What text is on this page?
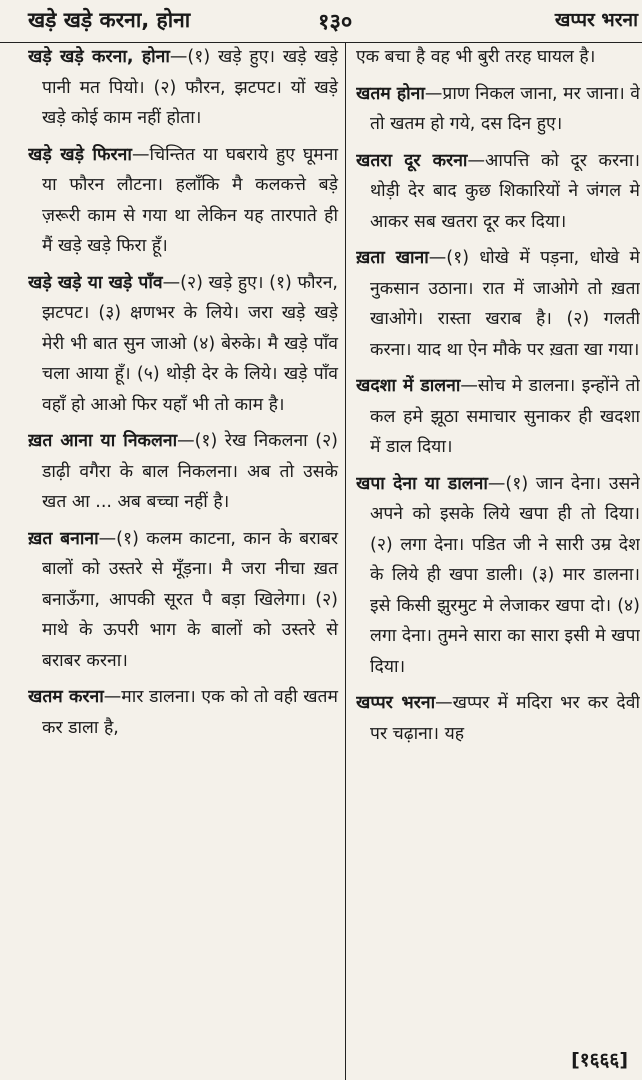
खड़े खड़े करना, होना	१३०	खप्पर भरना

खड़े खड़े करना, होना—(१) खड़े हुए। खड़े खड़े पानी मत पियो। (२) फौरन, झटपट। यों खड़े खड़े कोई काम नहीं होता।

खड़े खड़े फिरना—चिन्तित या घबराये हुए घूमना या फौरन लौटना। हलाँकि मै कलकत्ते बड़े ज़रूरी काम से गया था लेकिन यह तारपाते ही मैं खड़े खड़े फिरा हूँ।

खड़े खड़े या खड़े पाँव—(२) खड़े हुए। (१) फौरन, झटपट। (३) क्षणभर के लिये। जरा खड़े खड़े मेरी भी बात सुन जाओ (४) बेरुके। मै खड़े पाँव चला आया हूँ। (५) थोड़ी देर के लिये। खड़े पाँव वहाँ हो आओ फिर यहाँ भी तो काम है।

ख़त आना या निकलना—(१) रेख निकलना (२) डाढ़ी वगैरा के बाल निकलना। अब तो उसके खत आ ... अब बच्चा नहीं है।

ख़त बनाना—(१) कलम काटना, कान के बराबर बालों को उस्तरे से मूँड़ना। मै जरा नीचा ख़त बनाऊँगा, आपकी सूरत पै बड़ा खिलेगा। (२) माथे के ऊपरी भाग के बालों को उस्तरे से बराबर करना।

खतम करना—मार डालना। एक को तो वही खतम कर डाला है,

एक बचा है वह भी बुरी तरह घायल है।

खतम होना—प्राण निकल जाना, मर जाना। वे तो खतम हो गये, दस दिन हुए।

खतरा दूर करना—आपत्ति को दूर करना। थोड़ी देर बाद कुछ शिकारियों ने जंगल मे आकर सब खतरा दूर कर दिया।

ख़ता खाना—(१) धोखे में पड़ना, धोखे मे नुकसान उठाना। रात में जाओगे तो ख़ता खाओगे। रास्ता खराब है। (२) गलती करना। याद था ऐन मौके पर ख़ता खा गया।

खदशा में डालना—सोच मे डालना। इन्होंने तो कल हमे झूठा समाचार सुनाकर ही खदशा में डाल दिया।

खपा देना या डालना—(१) जान देना। उसने अपने को इसके लिये खपा ही तो दिया। (२) लगा देना। पडित जी ने सारी उम्र देश के लिये ही खपा डाली। (३) मार डालना। इसे किसी झुरमुट मे लेजाकर खपा दो। (४) लगा देना। तुमने सारा का सारा इसी मे खपा दिया।

खप्पर भरना—खप्पर में मदिरा भर कर देवी पर चढ़ाना। यह

[१६६६]
